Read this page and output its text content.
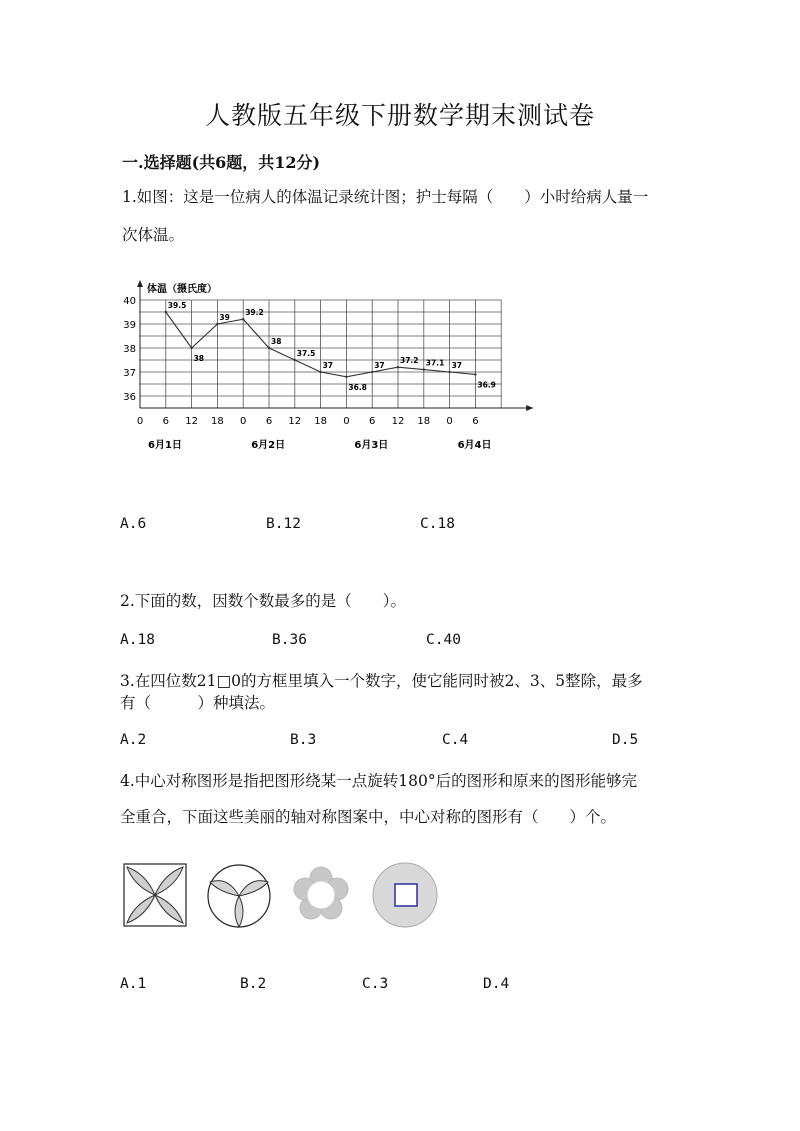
人教版五年级下册数学期末测试卷
一.选择题(共6题，共12分)
1.如图：这是一位病人的体温记录统计图；护士每隔（　　）小时给病人量一
次体温。
体温（摄氏度）
36
37
38
39
40
0 6 12 18 0 6 12 18 0 6 12 18 0 6
6月1日	6月2日	6月3日	6月4日
39.5
38
39
39.2
38
37.5
37
36.8
37
37.2 37.1 37
36.9
A.6	B.12	C.18
2.下面的数，因数个数最多的是（　　）。
A.18	B.36	C.40
3.在四位数21□0的方框里填入一个数字，使它能同时被2、3、5整除，最多
有（　　　）种填法。
A.2	B.3	C.4	D.5
4.中心对称图形是指把图形绕某一点旋转180°后的图形和原来的图形能够完
全重合，下面这些美丽的轴对称图案中，中心对称的图形有（　　）个。
A.1	B.2	C.3	D.4
